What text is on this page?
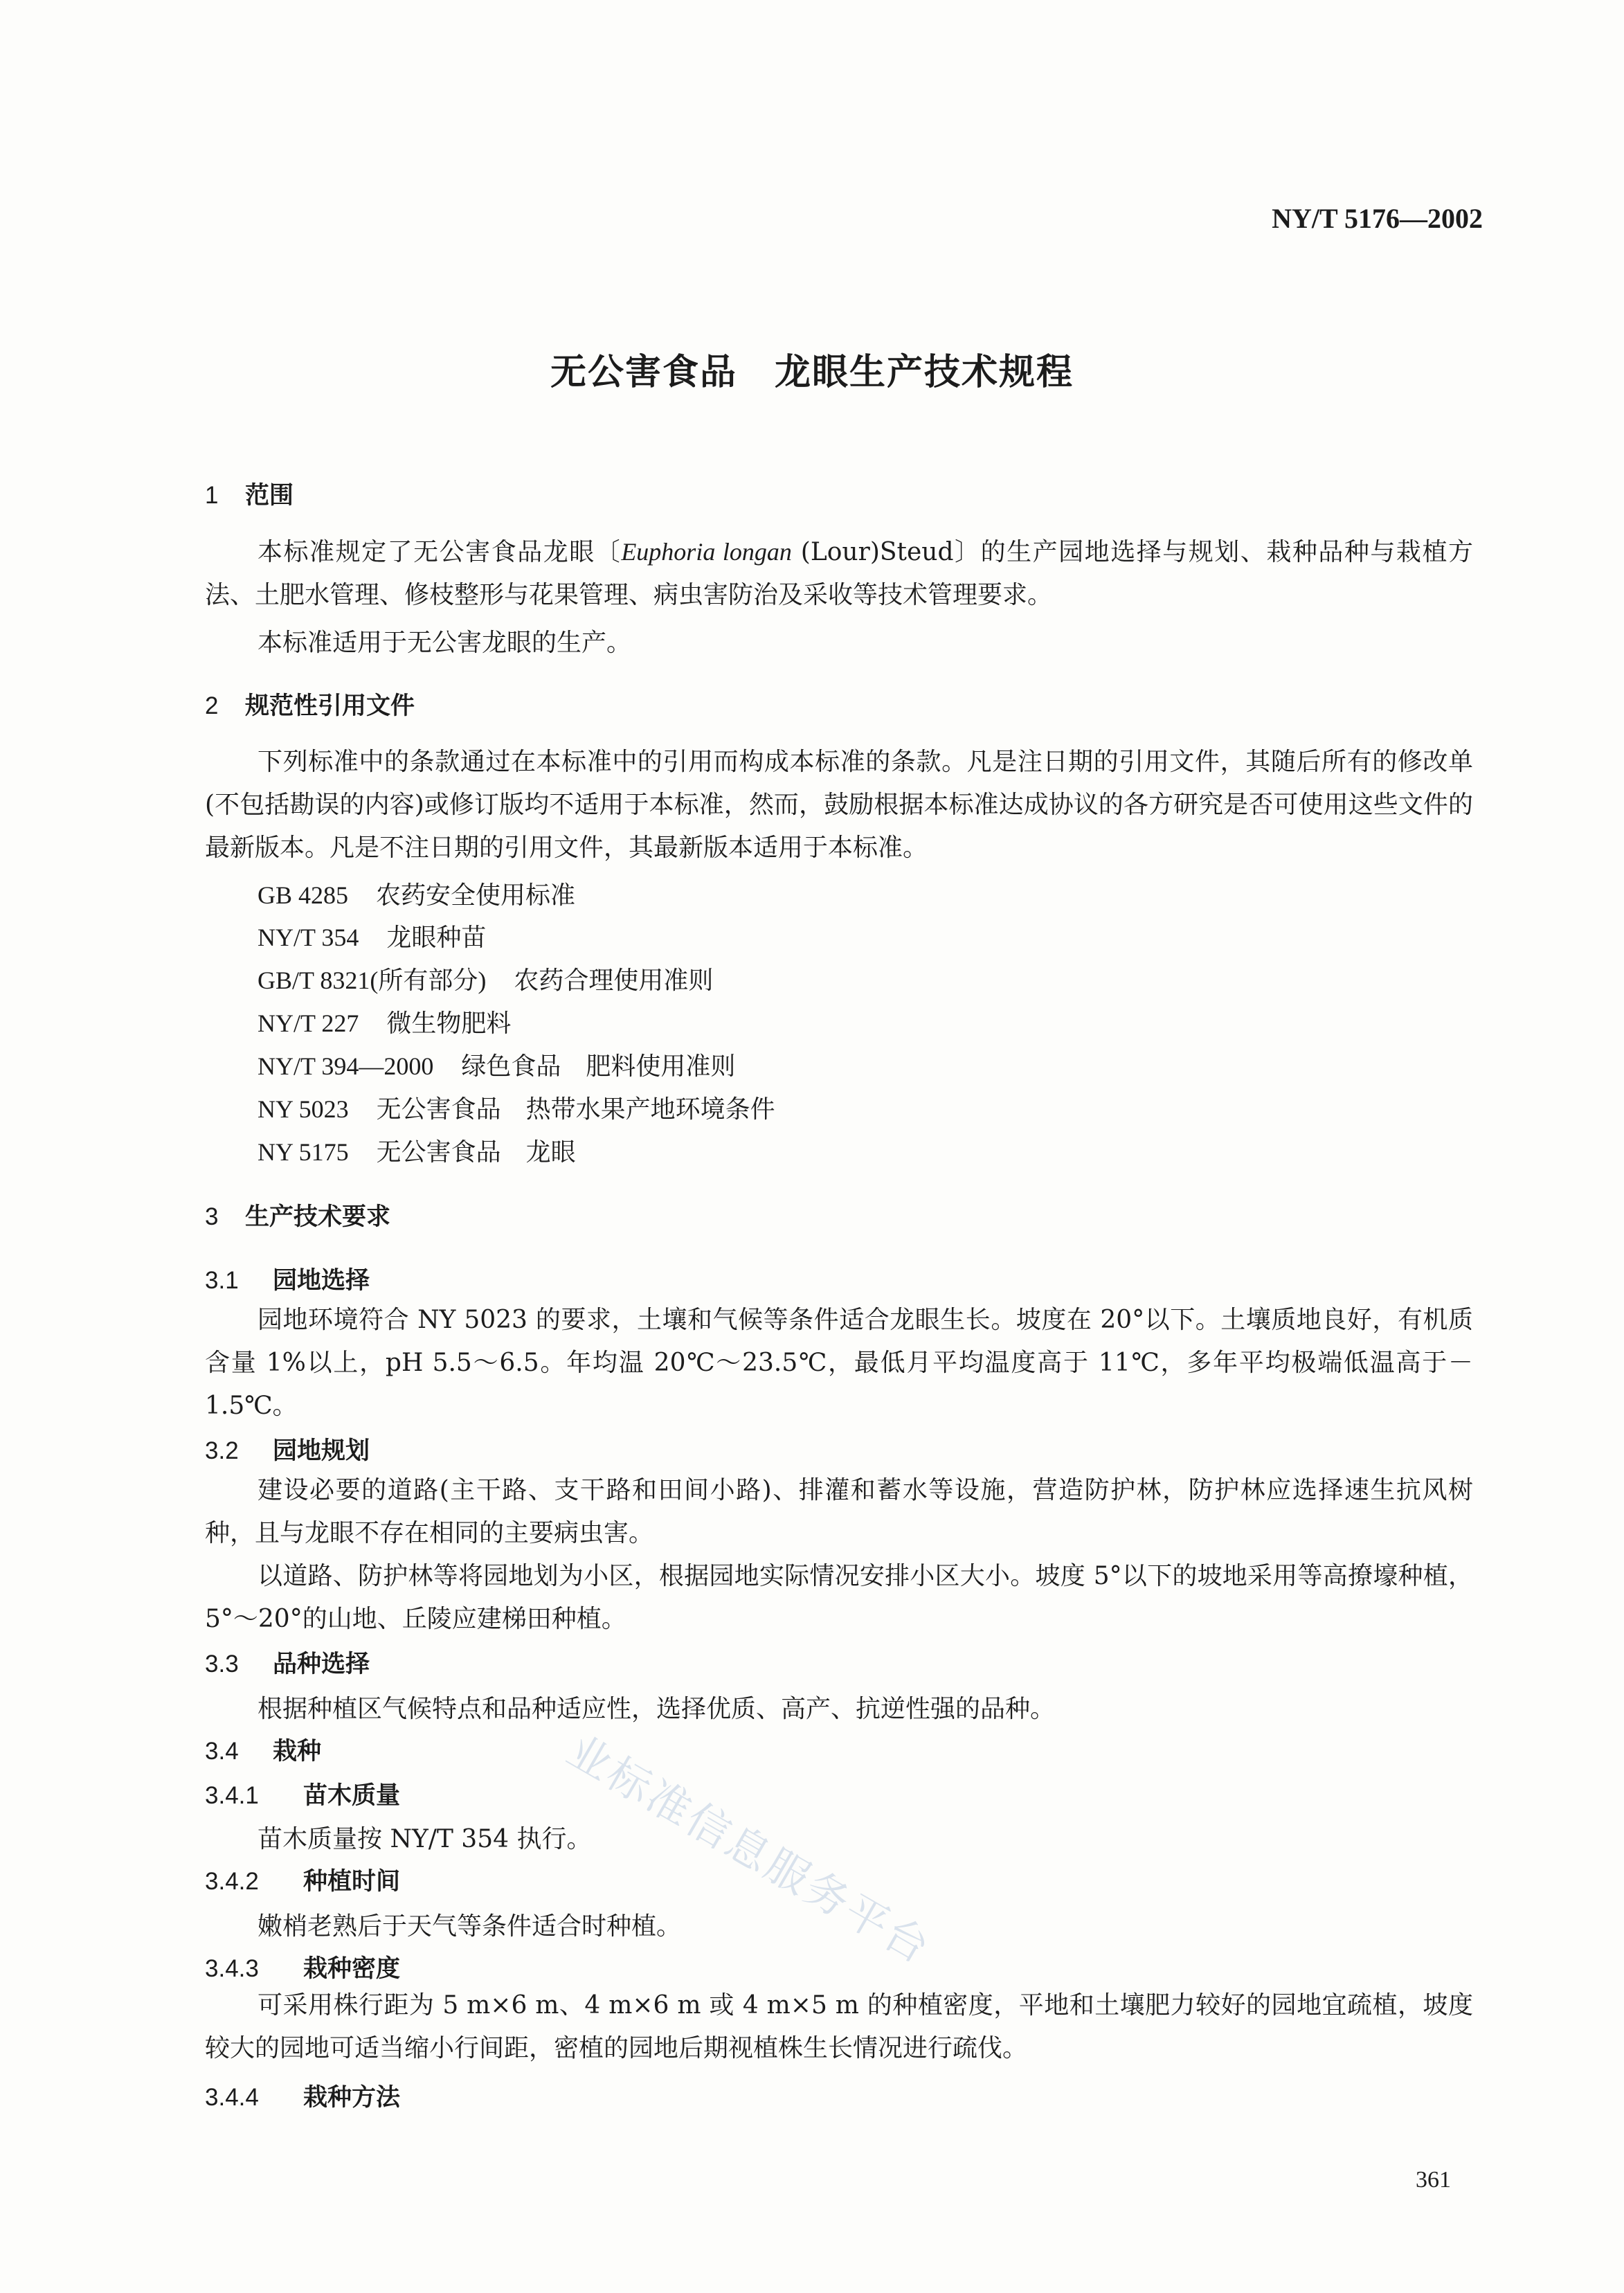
NY/T 5176—2002
无公害食品　龙眼生产技术规程
1 范围
本标准规定了无公害食品龙眼〔Euphoria longan (Lour)Steud〕的生产园地选择与规划、栽种品种与栽植方法、土肥水管理、修枝整形与花果管理、病虫害防治及采收等技术管理要求。
本标准适用于无公害龙眼的生产。
2 规范性引用文件
下列标准中的条款通过在本标准中的引用而构成本标准的条款。凡是注日期的引用文件，其随后所有的修改单(不包括勘误的内容)或修订版均不适用于本标准，然而，鼓励根据本标准达成协议的各方研究是否可使用这些文件的最新版本。凡是不注日期的引用文件，其最新版本适用于本标准。
GB 4285 农药安全使用标准
NY/T 354 龙眼种苗
GB/T 8321(所有部分) 农药合理使用准则
NY/T 227 微生物肥料
NY/T 394—2000 绿色食品　肥料使用准则
NY 5023 无公害食品　热带水果产地环境条件
NY 5175 无公害食品　龙眼
3 生产技术要求
3.1 园地选择
园地环境符合 NY 5023 的要求，土壤和气候等条件适合龙眼生长。坡度在 20°以下。土壤质地良好，有机质含量 1%以上，pH 5.5～6.5。年均温 20℃～23.5℃，最低月平均温度高于 11℃，多年平均极端低温高于－1.5℃。
3.2 园地规划
建设必要的道路(主干路、支干路和田间小路)、排灌和蓄水等设施，营造防护林，防护林应选择速生抗风树种，且与龙眼不存在相同的主要病虫害。
以道路、防护林等将园地划为小区，根据园地实际情况安排小区大小。坡度 5°以下的坡地采用等高撩壕种植，5°～20°的山地、丘陵应建梯田种植。
3.3 品种选择
根据种植区气候特点和品种适应性，选择优质、高产、抗逆性强的品种。
3.4 栽种
3.4.1 苗木质量
苗木质量按 NY/T 354 执行。
3.4.2 种植时间
嫩梢老熟后于天气等条件适合时种植。
3.4.3 栽种密度
可采用株行距为 5 m×6 m、4 m×6 m 或 4 m×5 m 的种植密度，平地和土壤肥力较好的园地宜疏植，坡度较大的园地可适当缩小行间距，密植的园地后期视植株生长情况进行疏伐。
3.4.4 栽种方法
业标准信息服务平台
361
